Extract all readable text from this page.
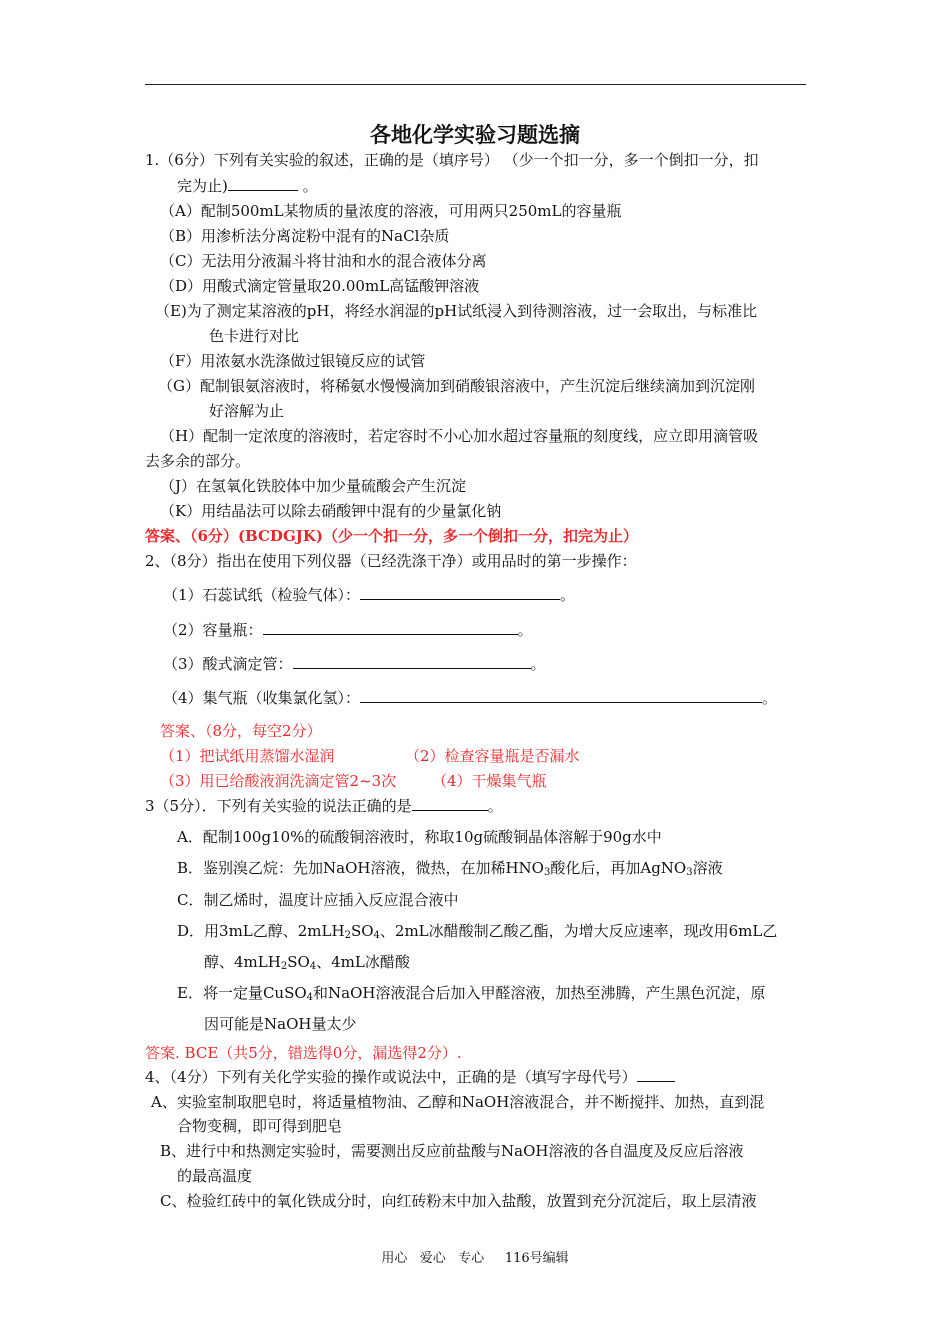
各地化学实验习题选摘
1.（6分）下列有关实验的叙述，正确的是（填序号） （少一个扣一分，多一个倒扣一分，扣
完为止)	。
（A）配制500mL某物质的量浓度的溶液，可用两只250mL的容量瓶
（B）用渗析法分离淀粉中混有的NaCl杂质
（C）无法用分液漏斗将甘油和水的混合液体分离
（D）用酸式滴定管量取20.00mL高锰酸钾溶液
（E)为了测定某溶液的pH，将经水润湿的pH试纸浸入到待测溶液，过一会取出，与标准比
色卡进行对比
（F）用浓氨水洗涤做过银镜反应的试管
（G）配制银氨溶液时，将稀氨水慢慢滴加到硝酸银溶液中，产生沉淀后继续滴加到沉淀刚
好溶解为止
（H）配制一定浓度的溶液时，若定容时不小心加水超过容量瓶的刻度线，应立即用滴管吸
去多余的部分。
（J）在氢氧化铁胶体中加少量硫酸会产生沉淀
（K）用结晶法可以除去硝酸钾中混有的少量氯化钠
答案、（6分）(BCDGJK)（少一个扣一分，多一个倒扣一分，扣完为止）
2、（8分）指出在使用下列仪器（已经洗涤干净）或用品时的第一步操作：
（1）石蕊试纸（检验气体）：	。
（2）容量瓶：	。
（3）酸式滴定管：	。
（4）集气瓶（收集氯化氢）：	。
答案、（8分，每空2分）
（1）把试纸用蒸馏水湿润	（2）检查容量瓶是否漏水
（3）用已给酸液润洗滴定管2~3次 （4）干燥集气瓶
3（5分）．下列有关实验的说法正确的是	。
A．配制100g10%的硫酸铜溶液时，称取10g硫酸铜晶体溶解于90g水中
B．鉴别溴乙烷：先加NaOH溶液，微热，在加稀$HNO_3$酸化后，再加AgNO$_3$溶液
C．制乙烯时，温度计应插入反应混合液中
D．用3mL乙醇、$2mLH_2SO_4$、2mL冰醋酸制乙酸乙酯，为增大反应速率，现改用6mL乙
醇、$4mLH_2SO_4$、4mL冰醋酸
E．将一定量CuSO$_4$和NaOH溶液混合后加入甲醛溶液，加热至沸腾，产生黑色沉淀，原
因可能是NaOH量太少
答案. BCE（共5分，错选得0分，漏选得2分）.
4、（4分）下列有关化学实验的操作或说法中，正确的是（填写字母代号）
A、实验室制取肥皂时，将适量植物油、乙醇和NaOH溶液混合，并不断搅拌、加热，直到混
合物变稠，即可得到肥皂
B、进行中和热测定实验时，需要测出反应前盐酸与NaOH溶液的各自温度及反应后溶液
的最高温度
C、检验红砖中的氧化铁成分时，向红砖粉末中加入盐酸，放置到充分沉淀后，取上层清液
用心   爱心   专心     116号编辑
